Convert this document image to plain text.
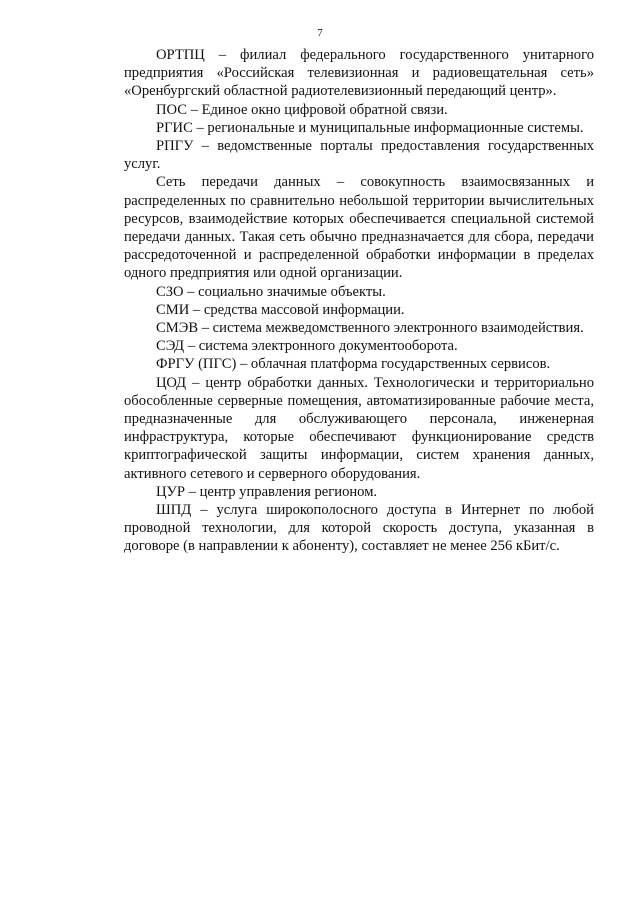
7

ОРТПЦ – филиал федерального государственного унитарного предприятия «Российская телевизионная и радиовещательная сеть» «Оренбургский областной радиотелевизионный передающий центр».

ПОС – Единое окно цифровой обратной связи.

РГИС – региональные и муниципальные информационные системы.

РПГУ – ведомственные порталы предоставления государственных услуг.

Сеть передачи данных – совокупность взаимосвязанных и распределенных по сравнительно небольшой территории вычислительных ресурсов, взаимодействие которых обеспечивается специальной системой передачи данных. Такая сеть обычно предназначается для сбора, передачи рассредоточенной и распределенной обработки информации в пределах одного предприятия или одной организации.

СЗО – социально значимые объекты.

СМИ – средства массовой информации.

СМЭВ – система межведомственного электронного взаимодействия.

СЭД – система электронного документооборота.

ФРГУ (ПГС) – облачная платформа государственных сервисов.

ЦОД – центр обработки данных. Технологически и территориально обособленные серверные помещения, автоматизированные рабочие места, предназначенные для обслуживающего персонала, инженерная инфраструктура, которые обеспечивают функционирование средств криптографической защиты информации, систем хранения данных, активного сетевого и серверного оборудования.

ЦУР – центр управления регионом.

ШПД – услуга широкополосного доступа в Интернет по любой проводной технологии, для которой скорость доступа, указанная в договоре (в направлении к абоненту), составляет не менее 256 кБит/с.
